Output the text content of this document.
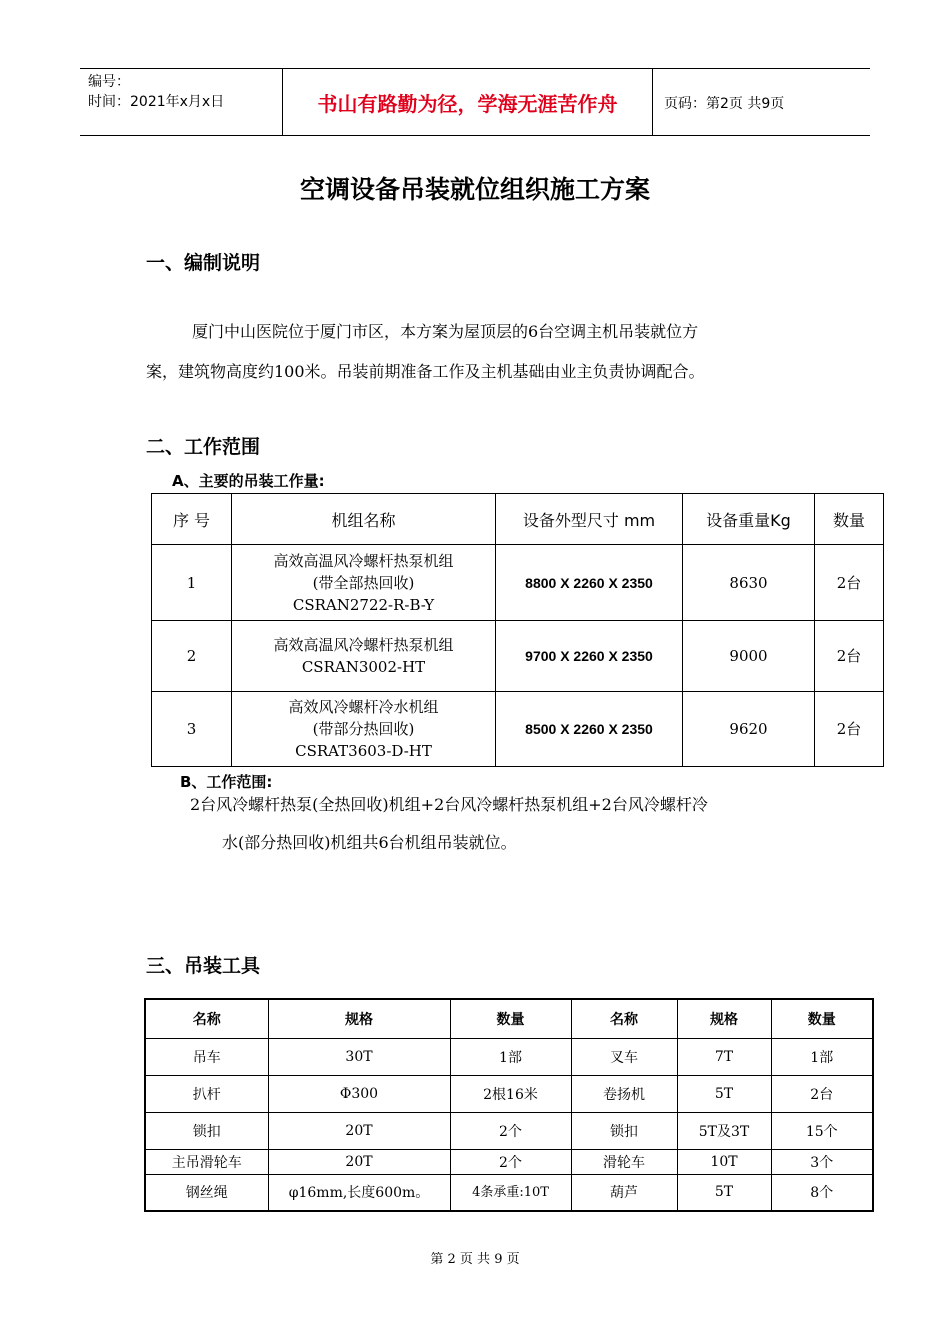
编号：
时间：2021年x月x日	书山有路勤为径，学海无涯苦作舟	页码：第2页 共9页
空调设备吊装就位组织施工方案
一、编制说明
厦门中山医院位于厦门市区，本方案为屋顶层的6台空调主机吊装就位方
案，建筑物高度约100米。吊装前期准备工作及主机基础由业主负责协调配合。
二、工作范围
A、主要的吊装工作量:
序 号	机组名称	设备外型尺寸 mm	设备重量Kg	数量
1	高效高温风冷螺杆热泵机组
(带全部热回收)
CSRAN2722-R-B-Y	8800 X 2260 X 2350	8630	2台
2	高效高温风冷螺杆热泵机组
CSRAN3002-HT	9700 X 2260 X 2350	9000	2台
3	高效风冷螺杆冷水机组
(带部分热回收)
CSRAT3603-D-HT	8500 X 2260 X 2350	9620	2台
B、工作范围:
2台风冷螺杆热泵(全热回收)机组+2台风冷螺杆热泵机组+2台风冷螺杆冷
水(部分热回收)机组共6台机组吊装就位。
三、吊装工具
名称	规格	数量	名称	规格	数量
吊车	30T	1部	叉车	7T	1部
扒杆	Φ300	2根16米	卷扬机	5T	2台
锁扣	20T	2个	锁扣	5T及3T	15个
主吊滑轮车	20T	2个	滑轮车	10T	3个
钢丝绳	φ16mm,长度600m。	4条承重:10T	葫芦	5T	8个
第 2 页 共 9 页
